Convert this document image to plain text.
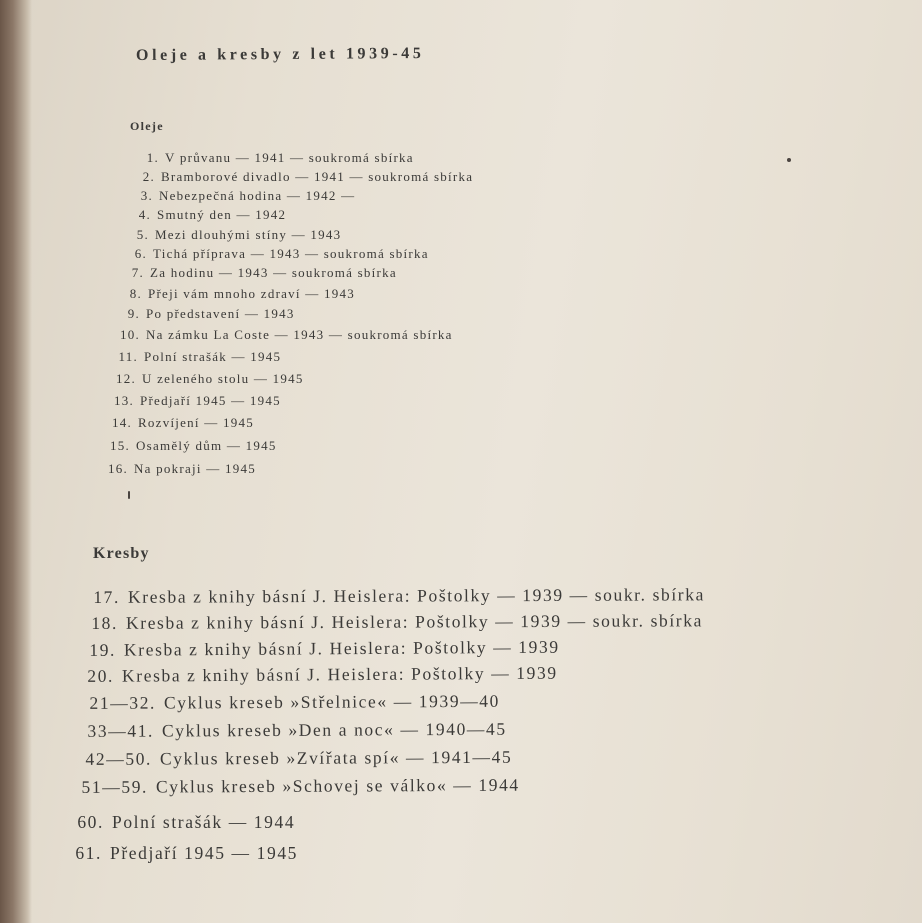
Oleje a kresby z let 1939-45
Oleje
1. V průvanu — 1941 — soukromá sbírka
2. Bramborové divadlo — 1941 — soukromá sbírka
3. Nebezpečná hodina — 1942 —
4. Smutný den — 1942
5. Mezi dlouhými stíny — 1943
6. Tichá příprava — 1943 — soukromá sbírka
7. Za hodinu — 1943 — soukromá sbírka
8. Přeji vám mnoho zdraví — 1943
9. Po představení — 1943
10. Na zámku La Coste — 1943 — soukromá sbírka
11. Polní strašák — 1945
12. U zeleného stolu — 1945
13. Předjaří 1945 — 1945
14. Rozvíjení — 1945
15. Osamělý dům — 1945
16. Na pokraji — 1945
Kresby
17. Kresba z knihy básní J. Heislera: Poštolky — 1939 — soukr. sbírka
18. Kresba z knihy básní J. Heislera: Poštolky — 1939 — soukr. sbírka
19. Kresba z knihy básní J. Heislera: Poštolky — 1939
20. Kresba z knihy básní J. Heislera: Poštolky — 1939
21—32. Cyklus kreseb »Střelnice« — 1939—40
33—41. Cyklus kreseb »Den a noc« — 1940—45
42—50. Cyklus kreseb »Zvířata spí« — 1941—45
51—59. Cyklus kreseb »Schovej se válko« — 1944
60. Polní strašák — 1944
61. Předjaří 1945 — 1945
